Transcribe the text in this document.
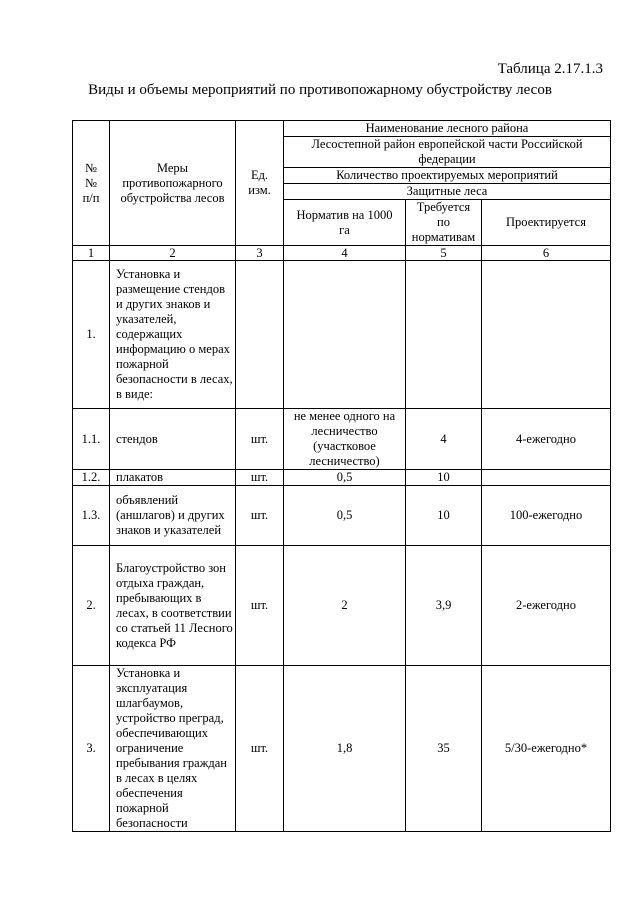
Таблица 2.17.1.3
Виды и объемы мероприятий по противопожарному обустройству лесов
№№ п/п	Меры противопожарного обустройства лесов	Ед. изм.	Наименование лесного района		
			Лесостепной район европейской части Российской федерации		
			Количество проектируемых мероприятий		
			Защитные леса		
			Норматив на 1000 га	Требуется по нормативам	Проектируется

1	2	3	4	5	6
1.	Установка и размещение стендов и других знаков и указателей, содержащих информацию о мерах пожарной безопасности в лесах, в виде:				
1.1.	стендов	шт.	не менее одного на лесничество (участковое лесничество)	4	4-ежегодно
1.2.	плакатов	шт.	0,5	10	
1.3.	объявлений (аншлагов) и других знаков и указателей	шт.	0,5	10	100-ежегодно
2.	Благоустройство зон отдыха граждан, пребывающих в лесах, в соответствии со статьей 11 Лесного кодекса РФ	шт.	2	3,9	2-ежегодно
3.	Установка и эксплуатация шлагбаумов, устройство преград, обеспечивающих ограничение пребывания граждан в лесах в целях обеспечения пожарной безопасности	шт.	1,8	35	5/30-ежегодно*
